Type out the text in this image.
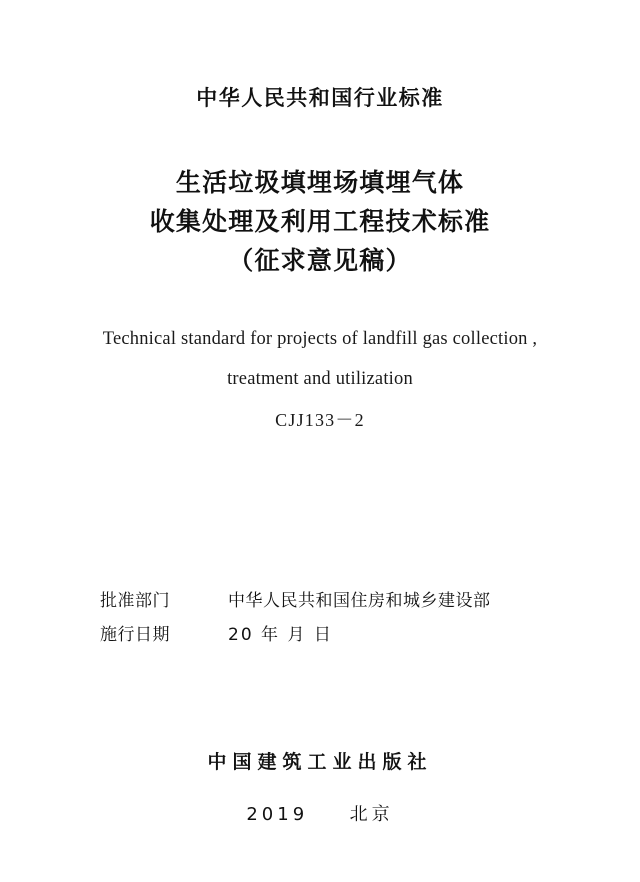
中华人民共和国行业标准
生活垃圾填埋场填埋气体
收集处理及利用工程技术标准
（征求意见稿）
Technical standard for projects of landfill gas collection ,
treatment and utilization
CJJ133－2
批准部门	中华人民共和国住房和城乡建设部
施行日期	20 年 月 日
中国建筑工业出版社
2019 北京
